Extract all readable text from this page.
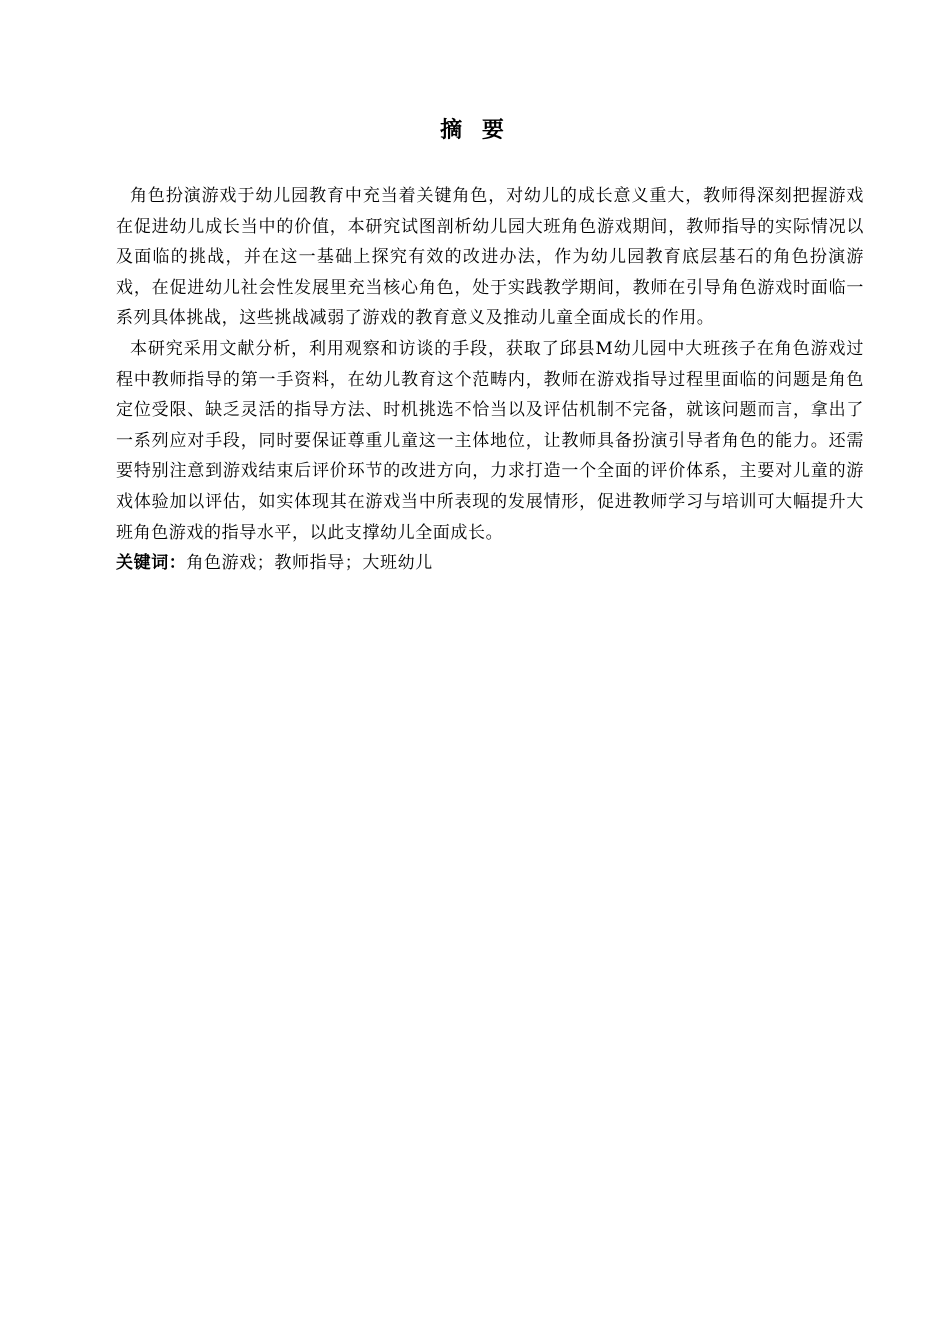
摘 要

角色扮演游戏于幼儿园教育中充当着关键角色，对幼儿的成长意义重大，教师得深刻把握游戏在促进幼儿成长当中的价值，本研究试图剖析幼儿园大班角色游戏期间，教师指导的实际情况以及面临的挑战，并在这一基础上探究有效的改进办法，作为幼儿园教育底层基石的角色扮演游戏，在促进幼儿社会性发展里充当核心角色，处于实践教学期间，教师在引导角色游戏时面临一系列具体挑战，这些挑战减弱了游戏的教育意义及推动儿童全面成长的作用。

本研究采用文献分析，利用观察和访谈的手段，获取了邱县M幼儿园中大班孩子在角色游戏过程中教师指导的第一手资料，在幼儿教育这个范畴内，教师在游戏指导过程里面临的问题是角色定位受限、缺乏灵活的指导方法、时机挑选不恰当以及评估机制不完备，就该问题而言，拿出了一系列应对手段，同时要保证尊重儿童这一主体地位，让教师具备扮演引导者角色的能力。还需要特别注意到游戏结束后评价环节的改进方向，力求打造一个全面的评价体系，主要对儿童的游戏体验加以评估，如实体现其在游戏当中所表现的发展情形，促进教师学习与培训可大幅提升大班角色游戏的指导水平，以此支撑幼儿全面成长。

关键词：角色游戏；教师指导；大班幼儿
